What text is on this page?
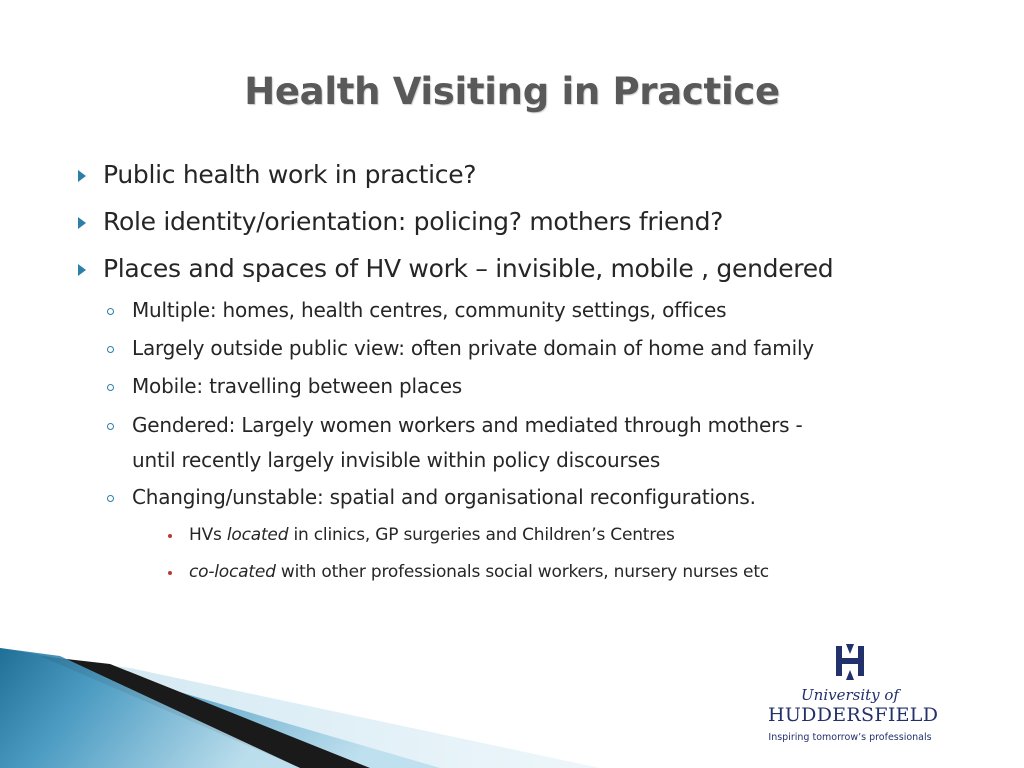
Health Visiting in Practice
Public health work in practice?
Role identity/orientation: policing? mothers friend?
Places and spaces of HV work – invisible, mobile , gendered
Multiple: homes, health centres, community settings, offices
Largely outside public view: often private domain of home and family
Mobile: travelling between places
Gendered: Largely women workers and mediated through mothers -
until recently largely invisible within policy discourses
Changing/unstable: spatial and organisational reconfigurations.
HVs located in clinics, GP surgeries and Children’s Centres
co-located with other professionals social workers, nursery nurses etc
University of
HUDDERSFIELD
Inspiring tomorrow’s professionals
